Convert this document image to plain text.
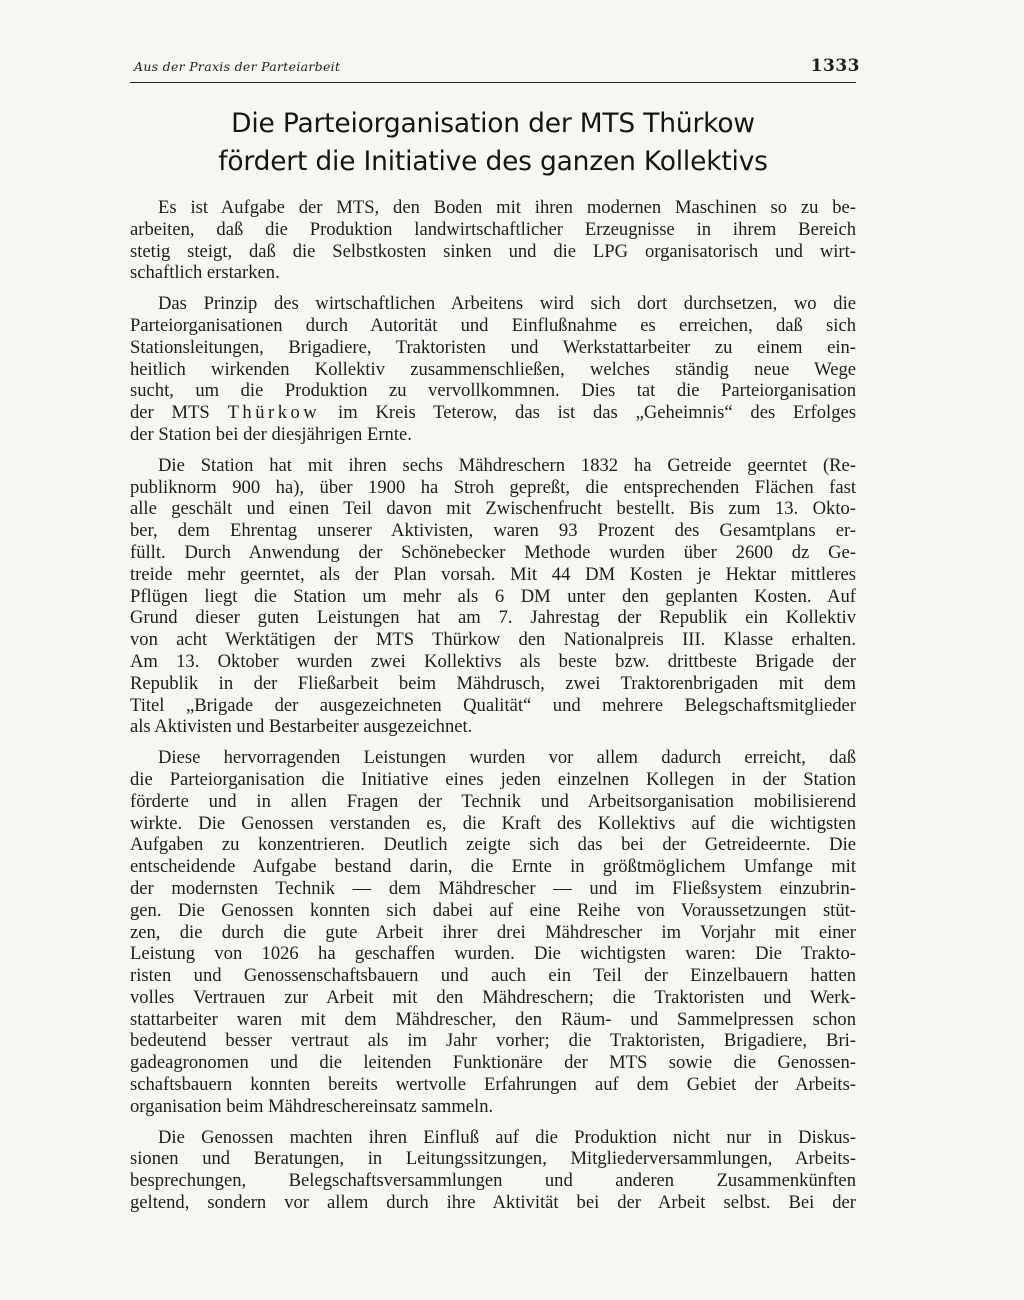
Aus der Praxis der Parteiarbeit	1333
Die Parteiorganisation der MTS Thürkow
fördert die Initiative des ganzen Kollektivs
Es ist Aufgabe der MTS, den Boden mit ihren modernen Maschinen so zu be-
arbeiten, daß die Produktion landwirtschaftlicher Erzeugnisse in ihrem Bereich
stetig steigt, daß die Selbstkosten sinken und die LPG organisatorisch und wirt-
schaftlich erstarken.
Das Prinzip des wirtschaftlichen Arbeitens wird sich dort durchsetzen, wo die
Parteiorganisationen durch Autorität und Einflußnahme es erreichen, daß sich
Stationsleitungen, Brigadiere, Traktoristen und Werkstattarbeiter zu einem ein-
heitlich wirkenden Kollektiv zusammenschließen, welches ständig neue Wege
sucht, um die Produktion zu vervollkommnen. Dies tat die Parteiorganisation
der MTS Thürkow im Kreis Teterow, das ist das „Geheimnis“ des Erfolges
der Station bei der diesjährigen Ernte.
Die Station hat mit ihren sechs Mähdreschern 1832 ha Getreide geerntet (Re-
publiknorm 900 ha), über 1900 ha Stroh gepreßt, die entsprechenden Flächen fast
alle geschält und einen Teil davon mit Zwischenfrucht bestellt. Bis zum 13. Okto-
ber, dem Ehrentag unserer Aktivisten, waren 93 Prozent des Gesamtplans er-
füllt. Durch Anwendung der Schönebecker Methode wurden über 2600 dz Ge-
treide mehr geerntet, als der Plan vorsah. Mit 44 DM Kosten je Hektar mittleres
Pflügen liegt die Station um mehr als 6 DM unter den geplanten Kosten. Auf
Grund dieser guten Leistungen hat am 7. Jahrestag der Republik ein Kollektiv
von acht Werktätigen der MTS Thürkow den Nationalpreis III. Klasse erhalten.
Am 13. Oktober wurden zwei Kollektivs als beste bzw. drittbeste Brigade der
Republik in der Fließarbeit beim Mähdrusch, zwei Traktorenbrigaden mit dem
Titel „Brigade der ausgezeichneten Qualität“ und mehrere Belegschaftsmitglieder
als Aktivisten und Bestarbeiter ausgezeichnet.
Diese hervorragenden Leistungen wurden vor allem dadurch erreicht, daß
die Parteiorganisation die Initiative eines jeden einzelnen Kollegen in der Station
förderte und in allen Fragen der Technik und Arbeitsorganisation mobilisierend
wirkte. Die Genossen verstanden es, die Kraft des Kollektivs auf die wichtigsten
Aufgaben zu konzentrieren. Deutlich zeigte sich das bei der Getreideernte. Die
entscheidende Aufgabe bestand darin, die Ernte in größtmöglichem Umfange mit
der modernsten Technik — dem Mähdrescher — und im Fließsystem einzubrin-
gen. Die Genossen konnten sich dabei auf eine Reihe von Voraussetzungen stüt-
zen, die durch die gute Arbeit ihrer drei Mähdrescher im Vorjahr mit einer
Leistung von 1026 ha geschaffen wurden. Die wichtigsten waren: Die Trakto-
risten und Genossenschaftsbauern und auch ein Teil der Einzelbauern hatten
volles Vertrauen zur Arbeit mit den Mähdreschern; die Traktoristen und Werk-
stattarbeiter waren mit dem Mähdrescher, den Räum- und Sammelpressen schon
bedeutend besser vertraut als im Jahr vorher; die Traktoristen, Brigadiere, Bri-
gadeagronomen und die leitenden Funktionäre der MTS sowie die Genossen-
schaftsbauern konnten bereits wertvolle Erfahrungen auf dem Gebiet der Arbeits-
organisation beim Mähdreschereinsatz sammeln.
Die Genossen machten ihren Einfluß auf die Produktion nicht nur in Diskus-
sionen und Beratungen, in Leitungssitzungen, Mitgliederversammlungen, Arbeits-
besprechungen, Belegschaftsversammlungen und anderen Zusammenkünften
geltend, sondern vor allem durch ihre Aktivität bei der Arbeit selbst. Bei der
